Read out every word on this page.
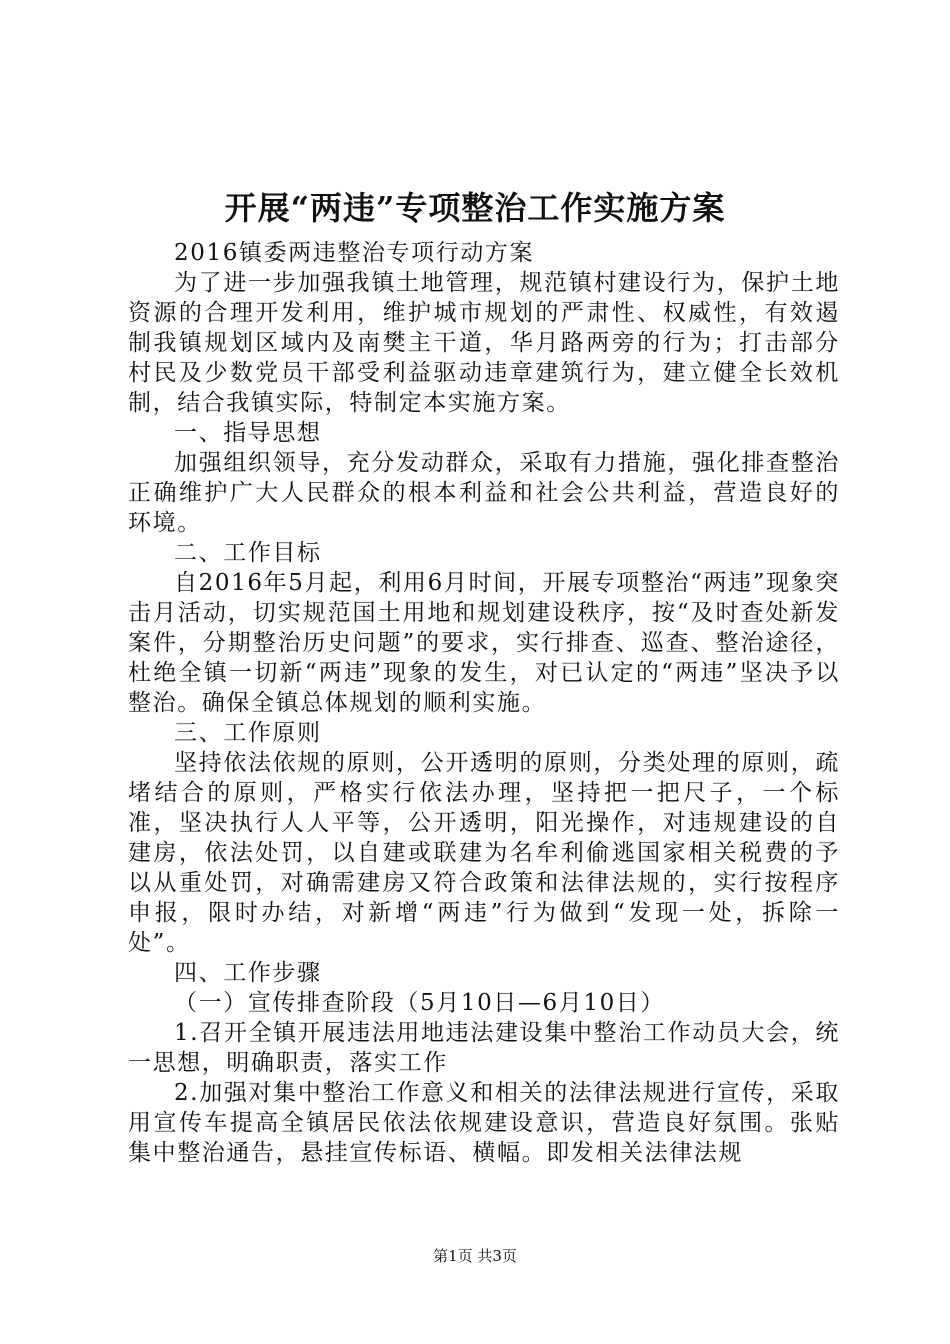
开展“两违”专项整治工作实施方案

2016镇委两违整治专项行动方案

为了进一步加强我镇土地管理，规范镇村建设行为，保护土地资源的合理开发利用，维护城市规划的严肃性、权威性，有效遏制我镇规划区域内及南樊主干道，华月路两旁的行为；打击部分村民及少数党员干部受利益驱动违章建筑行为，建立健全长效机制，结合我镇实际，特制定本实施方案。

一、指导思想

加强组织领导，充分发动群众，采取有力措施，强化排查整治正确维护广大人民群众的根本利益和社会公共利益，营造良好的环境。

二、工作目标

自2016年5月起，利用6月时间，开展专项整治“两违”现象突击月活动，切实规范国土用地和规划建设秩序，按“及时查处新发案件，分期整治历史问题”的要求，实行排查、巡查、整治途径，杜绝全镇一切新“两违”现象的发生，对已认定的“两违”坚决予以整治。确保全镇总体规划的顺利实施。

三、工作原则

坚持依法依规的原则，公开透明的原则，分类处理的原则，疏堵结合的原则，严格实行依法办理，坚持把一把尺子，一个标准，坚决执行人人平等，公开透明，阳光操作，对违规建设的自建房，依法处罚，以自建或联建为名牟利偷逃国家相关税费的予以从重处罚，对确需建房又符合政策和法律法规的，实行按程序申报，限时办结，对新增“两违”行为做到“发现一处，拆除一处”。

四、工作步骤

（一）宣传排查阶段（5月10日—6月10日）

1.召开全镇开展违法用地违法建设集中整治工作动员大会，统一思想，明确职责，落实工作

2.加强对集中整治工作意义和相关的法律法规进行宣传，采取用宣传车提高全镇居民依法依规建设意识，营造良好氛围。张贴集中整治通告，悬挂宣传标语、横幅。即发相关法律法规

第1页 共3页
